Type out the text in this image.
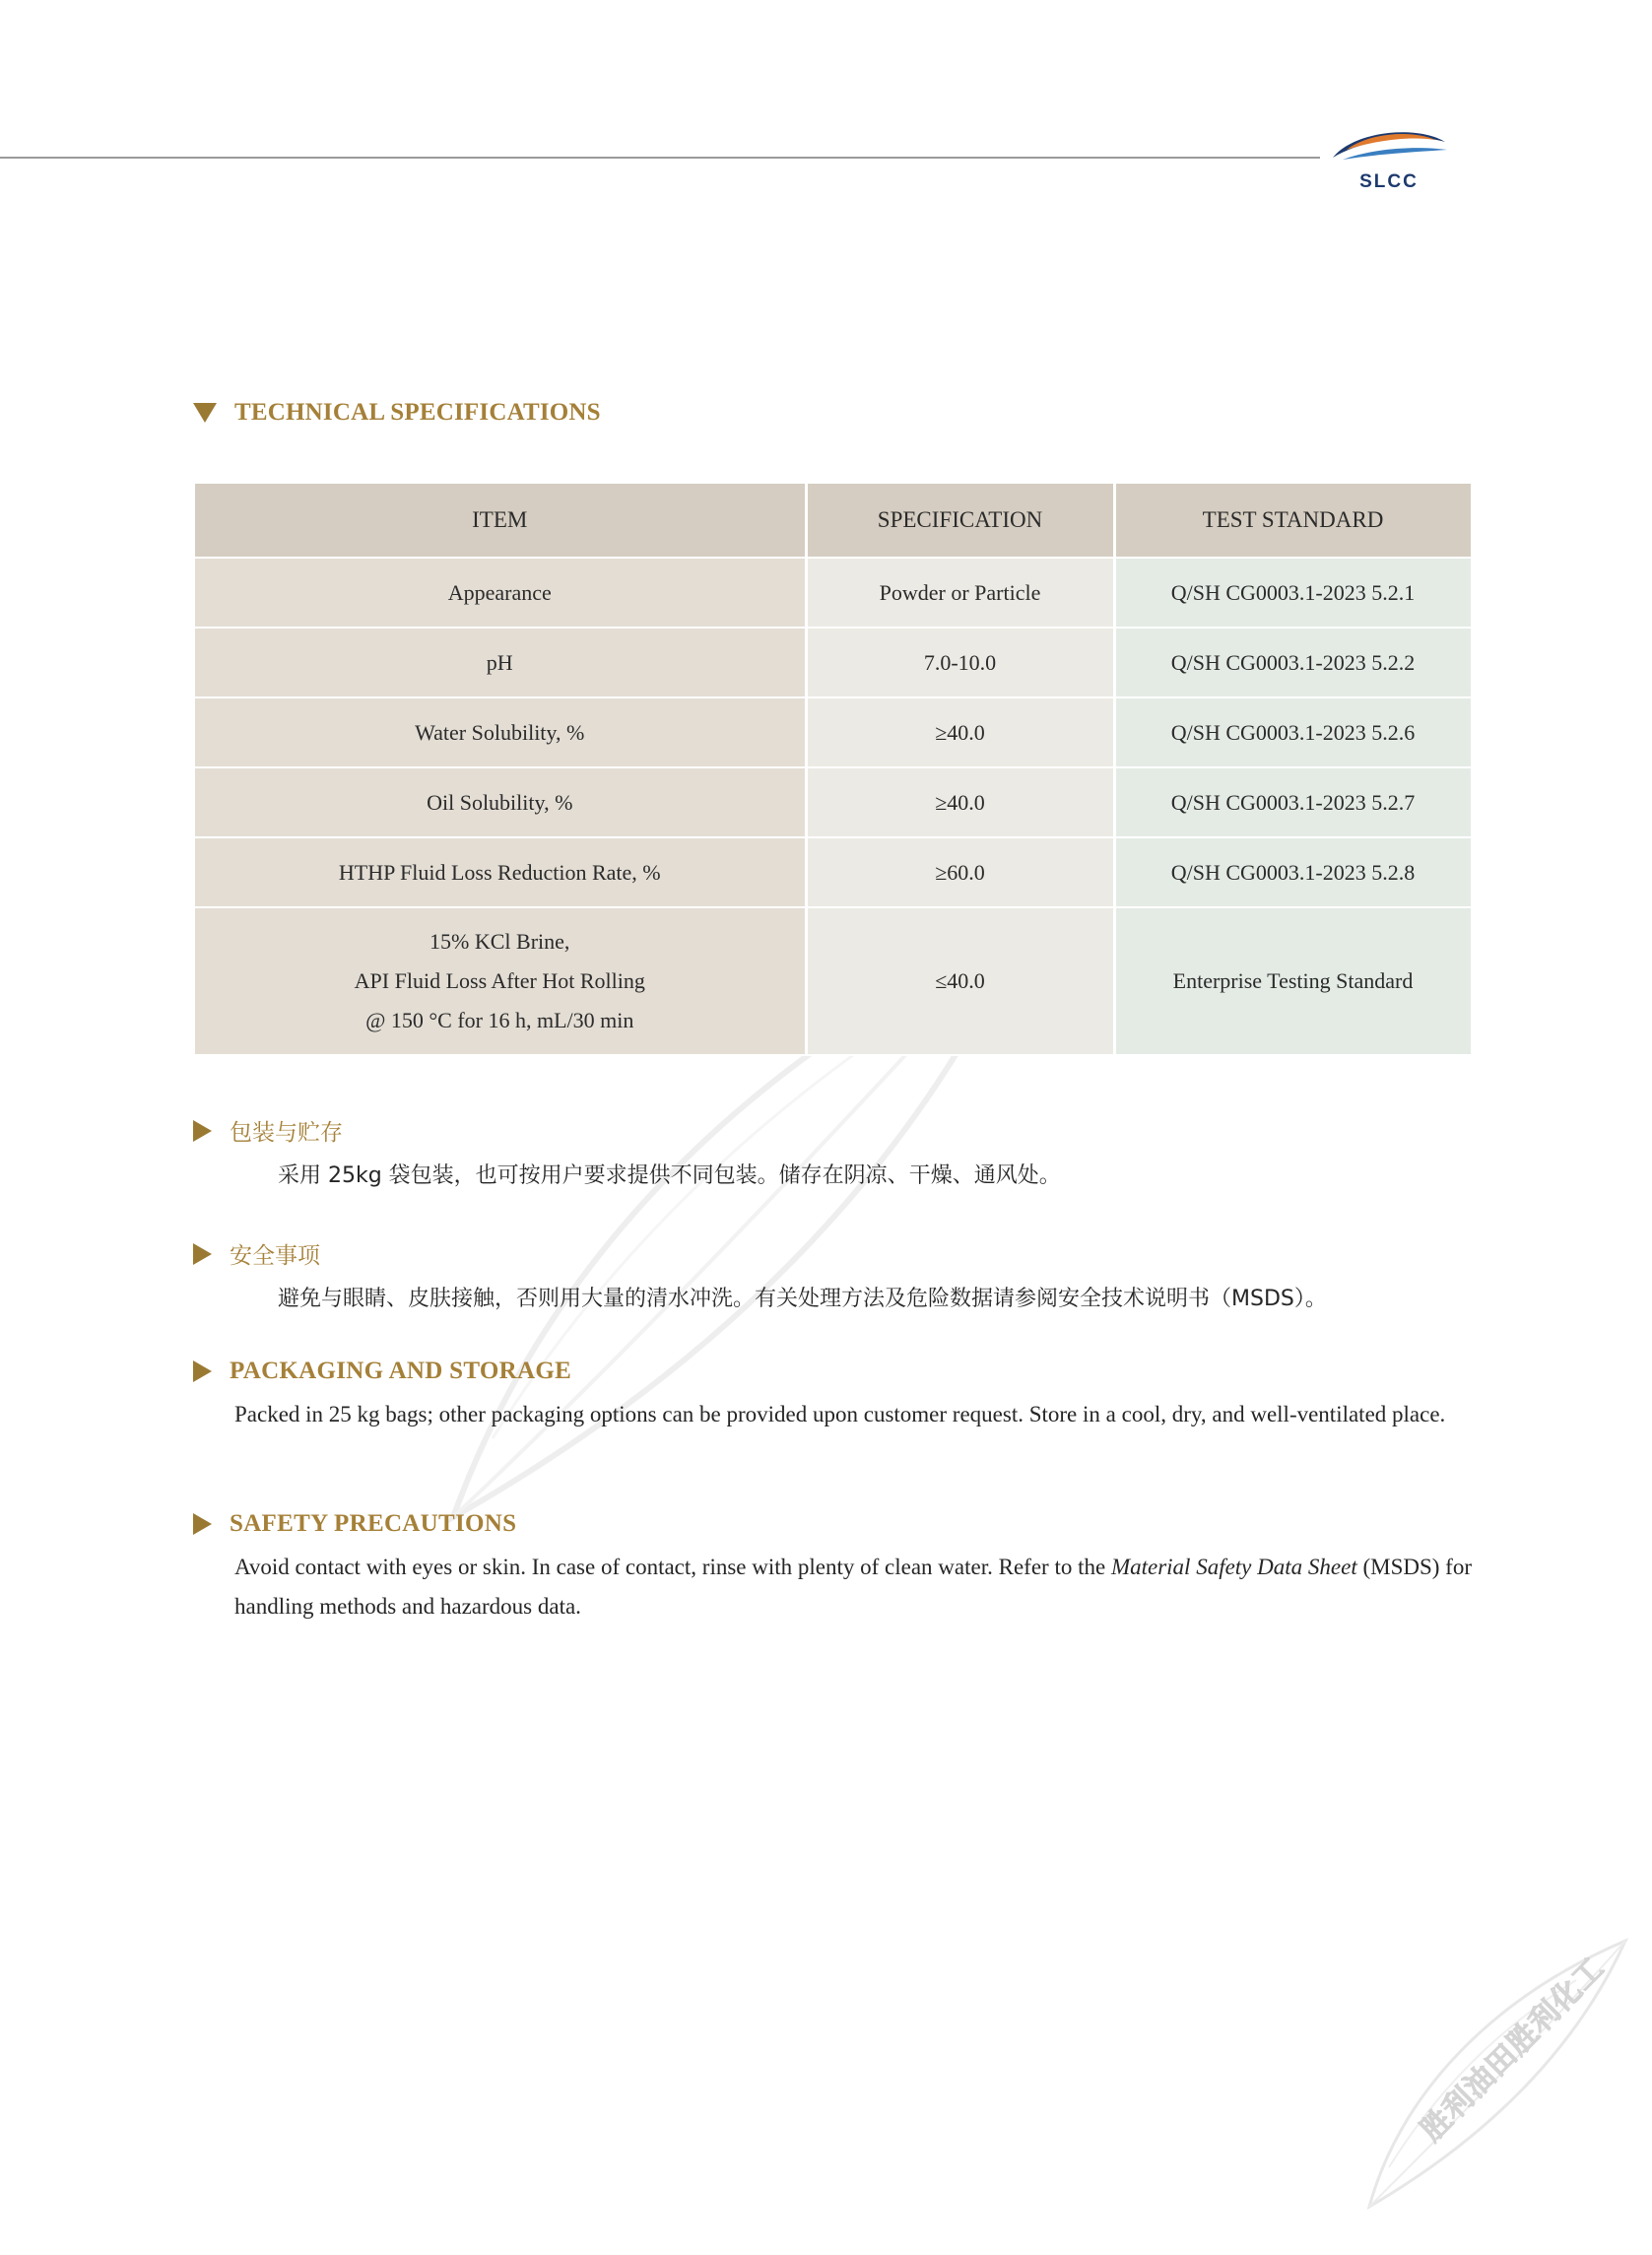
SLCC
胜利油田胜利化工
TECHNICAL SPECIFICATIONS
ITEM	SPECIFICATION	TEST STANDARD
Appearance	Powder or Particle	Q/SH CG0003.1-2023 5.2.1
pH	7.0-10.0	Q/SH CG0003.1-2023 5.2.2
Water Solubility, %	≥40.0	Q/SH CG0003.1-2023 5.2.6
Oil Solubility, %	≥40.0	Q/SH CG0003.1-2023 5.2.7
HTHP Fluid Loss Reduction Rate, %	≥60.0	Q/SH CG0003.1-2023 5.2.8

15% KCl Brine,
API Fluid Loss After Hot Rolling
@ 150 °C for 16 h, mL/30 min	≤40.0	Enterprise Testing Standard
包装与贮存
采用 25kg 袋包装，也可按用户要求提供不同包装。储存在阴凉、干燥、通风处。
安全事项
避免与眼睛、皮肤接触，否则用大量的清水冲洗。有关处理方法及危险数据请参阅安全技术说明书（MSDS）。
PACKAGING AND STORAGE
Packed in 25 kg bags; other packaging options can be provided upon customer request. Store in a cool, dry, and well-ventilated place.
SAFETY PRECAUTIONS
Avoid contact with eyes or skin. In case of contact, rinse with plenty of clean water. Refer to the Material Safety Data Sheet (MSDS) for handling methods and hazardous data.
